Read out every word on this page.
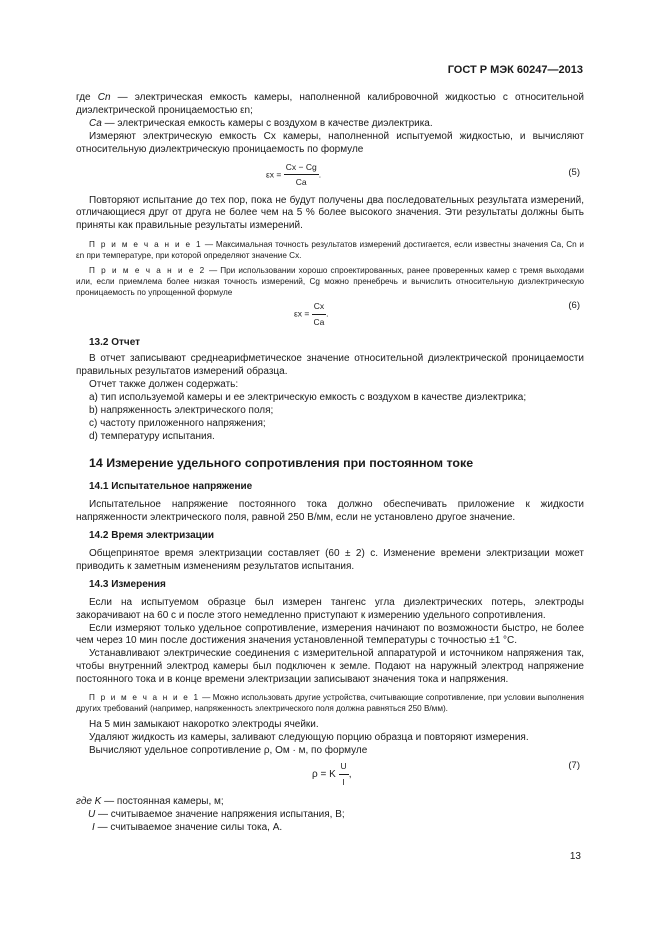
ГОСТ Р МЭК 60247—2013

где Cn — электрическая емкость камеры, наполненной калибровочной жидкостью с относительной диэлектрической проницаемостью εn;

Ca — электрическая емкость камеры с воздухом в качестве диэлектрика.

Измеряют электрическую емкость Cx камеры, наполненной испытуемой жидкостью, и вычисляют относительную диэлектрическую проницаемость по формуле

$\varepsilon x = \frac{Cx - Cg}{Ca}$ .	(5)

Повторяют испытание до тех пор, пока не будут получены два последовательных результата измерений, отличающиеся друг от друга не более чем на 5 % более высокого значения. Эти результаты должны быть приняты как правильные результаты измерений.

П р и м е ч а н и е 1 — Максимальная точность результатов измерений достигается, если известны значения Ca, Cn и εn при температуре, при которой определяют значение Cx.

П р и м е ч а н и е 2 — При использовании хорошо спроектированных, ранее проверенных камер с тремя выходами или, если приемлема более низкая точность измерений, Cg можно пренебречь и вычислить относительную диэлектрическую проницаемость по упрощенной формуле

$\varepsilon x = \frac{Cx}{Ca}$ .
(6)

13.2 Отчет

В отчет записывают среднеарифметическое значение относительной диэлектрической проницаемости правильных результатов измерений образца.

Отчет также должен содержать:

a) тип используемой камеры и ее электрическую емкость с воздухом в качестве диэлектрика;

b) напряженность электрического поля;

c) частоту приложенного напряжения;

d) температуру испытания.

14 Измерение удельного сопротивления при постоянном токе

14.1 Испытательное напряжение

Испытательное напряжение постоянного тока должно обеспечивать приложение к жидкости напряженности электрического поля, равной 250 В/мм, если не установлено другое значение.

14.2 Время электризации

Общепринятое время электризации составляет (60 ± 2) с. Изменение времени электризации может приводить к заметным изменениям результатов испытания.

14.3 Измерения

Если на испытуемом образце был измерен тангенс угла диэлектрических потерь, электроды закорачивают на 60 с и после этого немедленно приступают к измерению удельного сопротивления.

Если измеряют только удельное сопротивление, измерения начинают по возможности быстро, не более чем через 10 мин после достижения значения установленной температуры с точностью ±1 °С.

Устанавливают электрические соединения с измерительной аппаратурой и источником напряжения так, чтобы внутренний электрод камеры был подключен к земле. Подают на наружный электрод напряжение постоянного тока и в конце времени электризации записывают значения тока и напряжения.

П р и м е ч а н и е 1 — Можно использовать другие устройства, считывающие сопротивление, при условии выполнения других требований (например, напряженность электрического поля должна равняться 250 В/мм).

На 5 мин замыкают накоротко электроды ячейки.

Удаляют жидкость из камеры, заливают следующую порцию образца и повторяют измерения.

Вычисляют удельное сопротивление ρ, Ом · м, по формуле

ρ = K $\frac{U}{I}$ ,
(7)

где K — постоянная камеры, м;

U — считываемое значение напряжения испытания, В;

I — считываемое значение силы тока, А.

13
